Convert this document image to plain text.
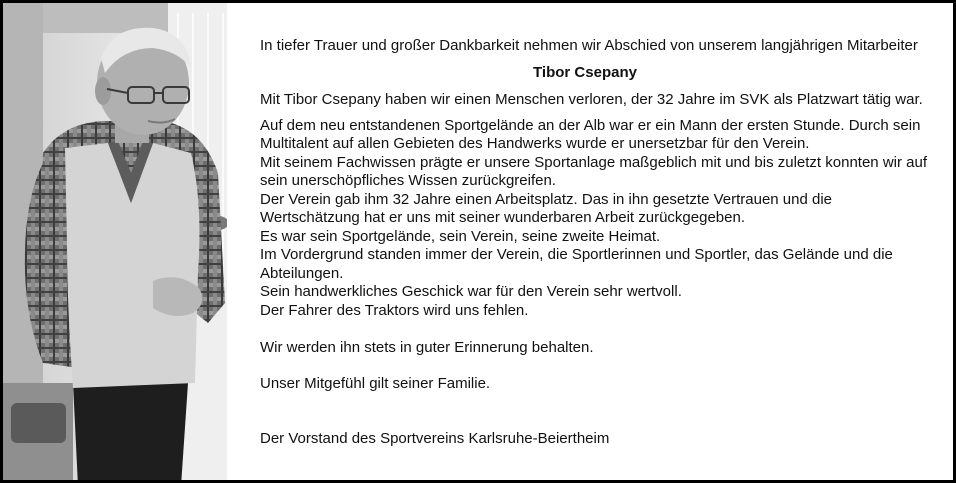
In tiefer Trauer und großer Dankbarkeit nehmen wir Abschied von unserem langjährigen Mitarbeiter

Tibor Csepany

Mit Tibor Csepany haben wir einen Menschen verloren, der 32 Jahre im SVK als Platzwart tätig war.

Auf dem neu entstandenen Sportgelände an der Alb war er ein Mann der ersten Stunde. Durch sein

Multitalent auf allen Gebieten des Handwerks wurde er unersetzbar für den Verein.

Mit seinem Fachwissen prägte er unsere Sportanlage maßgeblich mit und bis zuletzt konnten wir auf

sein unerschöpfliches Wissen zurückgreifen.

Der Verein gab ihm 32 Jahre einen Arbeitsplatz. Das in ihn gesetzte Vertrauen und die

Wertschätzung hat er uns mit seiner wunderbaren Arbeit zurückgegeben.

Es war sein Sportgelände, sein Verein, seine zweite Heimat.

Im Vordergrund standen immer der Verein, die Sportlerinnen und Sportler, das Gelände und die

Abteilungen.

Sein handwerkliches Geschick war für den Verein sehr wertvoll.

Der Fahrer des Traktors wird uns fehlen.

Wir werden ihn stets in guter Erinnerung behalten.

Unser Mitgefühl gilt seiner Familie.

Der Vorstand des Sportvereins Karlsruhe-Beiertheim
